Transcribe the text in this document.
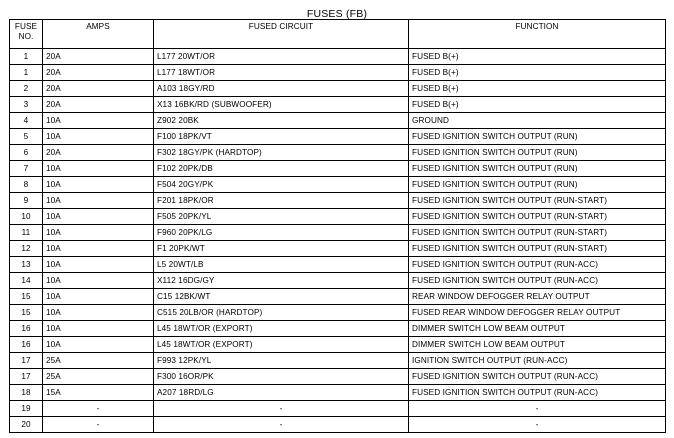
FUSES (FB)
FUSE
NO.	AMPS	FUSED CIRCUIT	FUNCTION
1	20A	L177 20WT/OR	FUSED B(+)
1	20A	L177 18WT/OR	FUSED B(+)
2	20A	A103 18GY/RD	FUSED B(+)
3	20A	X13 16BK/RD (SUBWOOFER)	FUSED B(+)
4	10A	Z902 20BK	GROUND
5	10A	F100 18PK/VT	FUSED IGNITION SWITCH OUTPUT (RUN)
6	20A	F302 18GY/PK (HARDTOP)	FUSED IGNITION SWITCH OUTPUT (RUN)
7	10A	F102 20PK/DB	FUSED IGNITION SWITCH OUTPUT (RUN)
8	10A	F504 20GY/PK	FUSED IGNITION SWITCH OUTPUT (RUN)
9	10A	F201 18PK/OR	FUSED IGNITION SWITCH OUTPUT (RUN-START)
10	10A	F505 20PK/YL	FUSED IGNITION SWITCH OUTPUT (RUN-START)
11	10A	F960 20PK/LG	FUSED IGNITION SWITCH OUTPUT (RUN-START)
12	10A	F1 20PK/WT	FUSED IGNITION SWITCH OUTPUT (RUN-START)
13	10A	L5 20WT/LB	FUSED IGNITION SWITCH OUTPUT (RUN-ACC)
14	10A	X112 16DG/GY	FUSED IGNITION SWITCH OUTPUT (RUN-ACC)
15	10A	C15 12BK/WT	REAR WINDOW DEFOGGER RELAY OUTPUT
15	10A	C515 20LB/OR (HARDTOP)	FUSED REAR WINDOW DEFOGGER RELAY OUTPUT
16	10A	L45 18WT/OR (EXPORT)	DIMMER SWITCH LOW BEAM OUTPUT
16	10A	L45 18WT/OR (EXPORT)	DIMMER SWITCH LOW BEAM OUTPUT
17	25A	F993 12PK/YL	IGNITION SWITCH OUTPUT (RUN-ACC)
17	25A	F300 16OR/PK	FUSED IGNITION SWITCH OUTPUT (RUN-ACC)
18	15A	A207 18RD/LG	FUSED IGNITION SWITCH OUTPUT (RUN-ACC)
19	-	-	-
20	-	-	-
